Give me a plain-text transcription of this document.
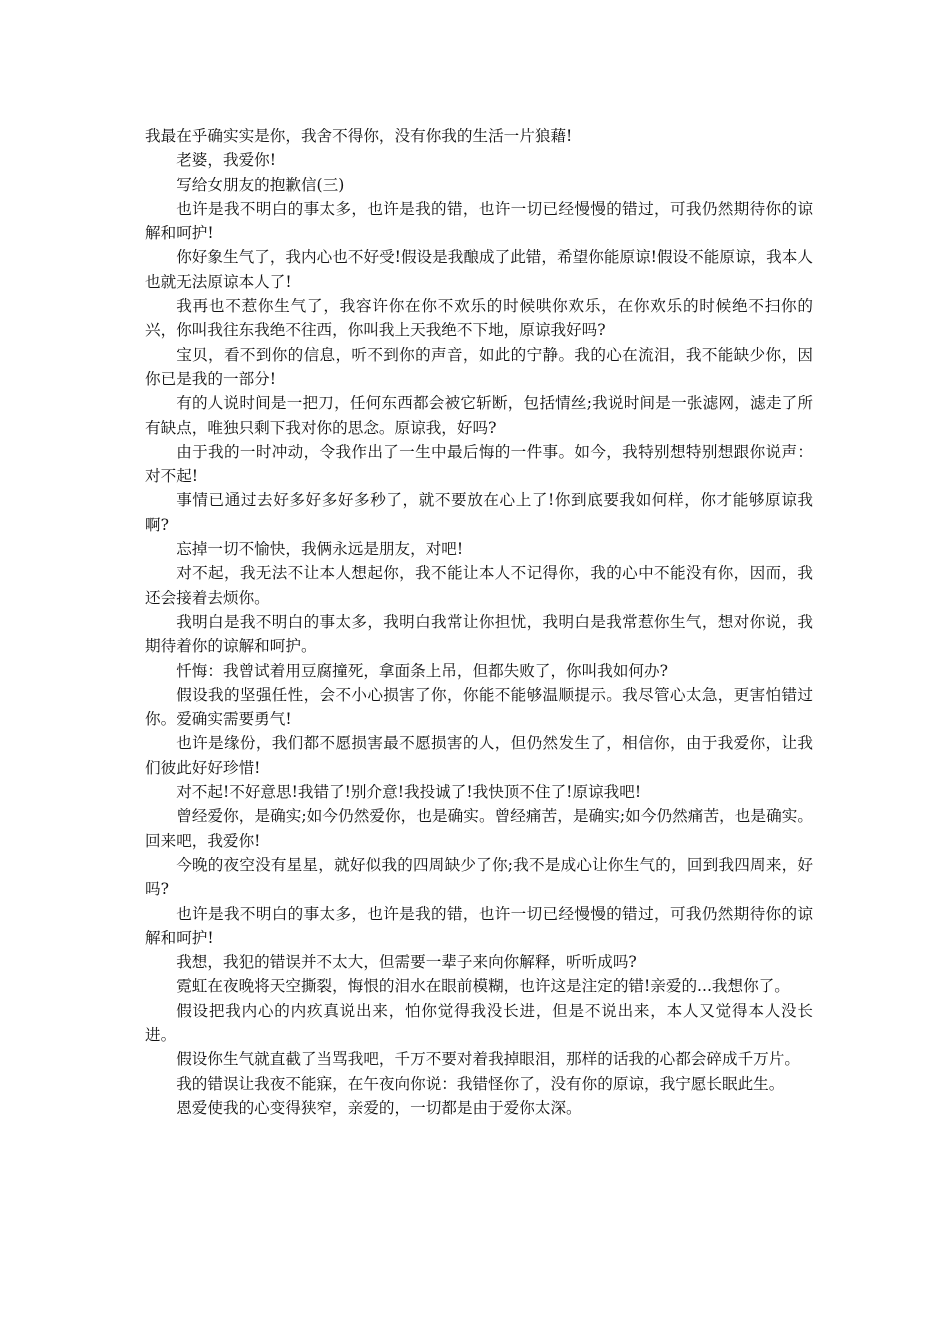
我最在乎确实实是你，我舍不得你，没有你我的生活一片狼藉!

老婆，我爱你!

写给女朋友的抱歉信(三)

也许是我不明白的事太多，也许是我的错，也许一切已经慢慢的错过，可我仍然期待你的谅解和呵护!

你好象生气了，我内心也不好受!假设是我酿成了此错，希望你能原谅!假设不能原谅，我本人也就无法原谅本人了!

我再也不惹你生气了，我容许你在你不欢乐的时候哄你欢乐，在你欢乐的时候绝不扫你的兴，你叫我往东我绝不往西，你叫我上天我绝不下地，原谅我好吗?

宝贝，看不到你的信息，听不到你的声音，如此的宁静。我的心在流泪，我不能缺少你，因你已是我的一部分!

有的人说时间是一把刀，任何东西都会被它斩断，包括情丝;我说时间是一张滤网，滤走了所有缺点，唯独只剩下我对你的思念。原谅我，好吗?

由于我的一时冲动，令我作出了一生中最后悔的一件事。如今，我特别想特别想跟你说声：对不起!

事情已通过去好多好多好多秒了，就不要放在心上了!你到底要我如何样，你才能够原谅我啊?

忘掉一切不愉快，我俩永远是朋友，对吧!

对不起，我无法不让本人想起你，我不能让本人不记得你，我的心中不能没有你，因而，我还会接着去烦你。

我明白是我不明白的事太多，我明白我常让你担忧，我明白是我常惹你生气，想对你说，我期待着你的谅解和呵护。

忏悔：我曾试着用豆腐撞死，拿面条上吊，但都失败了，你叫我如何办?

假设我的坚强任性，会不小心损害了你，你能不能够温顺提示。我尽管心太急，更害怕错过你。爱确实需要勇气!

也许是缘份，我们都不愿损害最不愿损害的人，但仍然发生了，相信你，由于我爱你，让我们彼此好好珍惜!

对不起!不好意思!我错了!别介意!我投诚了!我快顶不住了!原谅我吧!

曾经爱你，是确实;如今仍然爱你，也是确实。曾经痛苦，是确实;如今仍然痛苦，也是确实。回来吧，我爱你!

今晚的夜空没有星星，就好似我的四周缺少了你;我不是成心让你生气的，回到我四周来，好吗?

也许是我不明白的事太多，也许是我的错，也许一切已经慢慢的错过，可我仍然期待你的谅解和呵护!

我想，我犯的错误并不太大，但需要一辈子来向你解释，听听成吗?

霓虹在夜晚将天空撕裂，悔恨的泪水在眼前模糊，也许这是注定的错!亲爱的...我想你了。

假设把我内心的内疚真说出来，怕你觉得我没长进，但是不说出来，本人又觉得本人没长进。

假设你生气就直截了当骂我吧，千万不要对着我掉眼泪，那样的话我的心都会碎成千万片。

我的错误让我夜不能寐，在午夜向你说：我错怪你了，没有你的原谅，我宁愿长眠此生。

恩爱使我的心变得狭窄，亲爱的，一切都是由于爱你太深。
